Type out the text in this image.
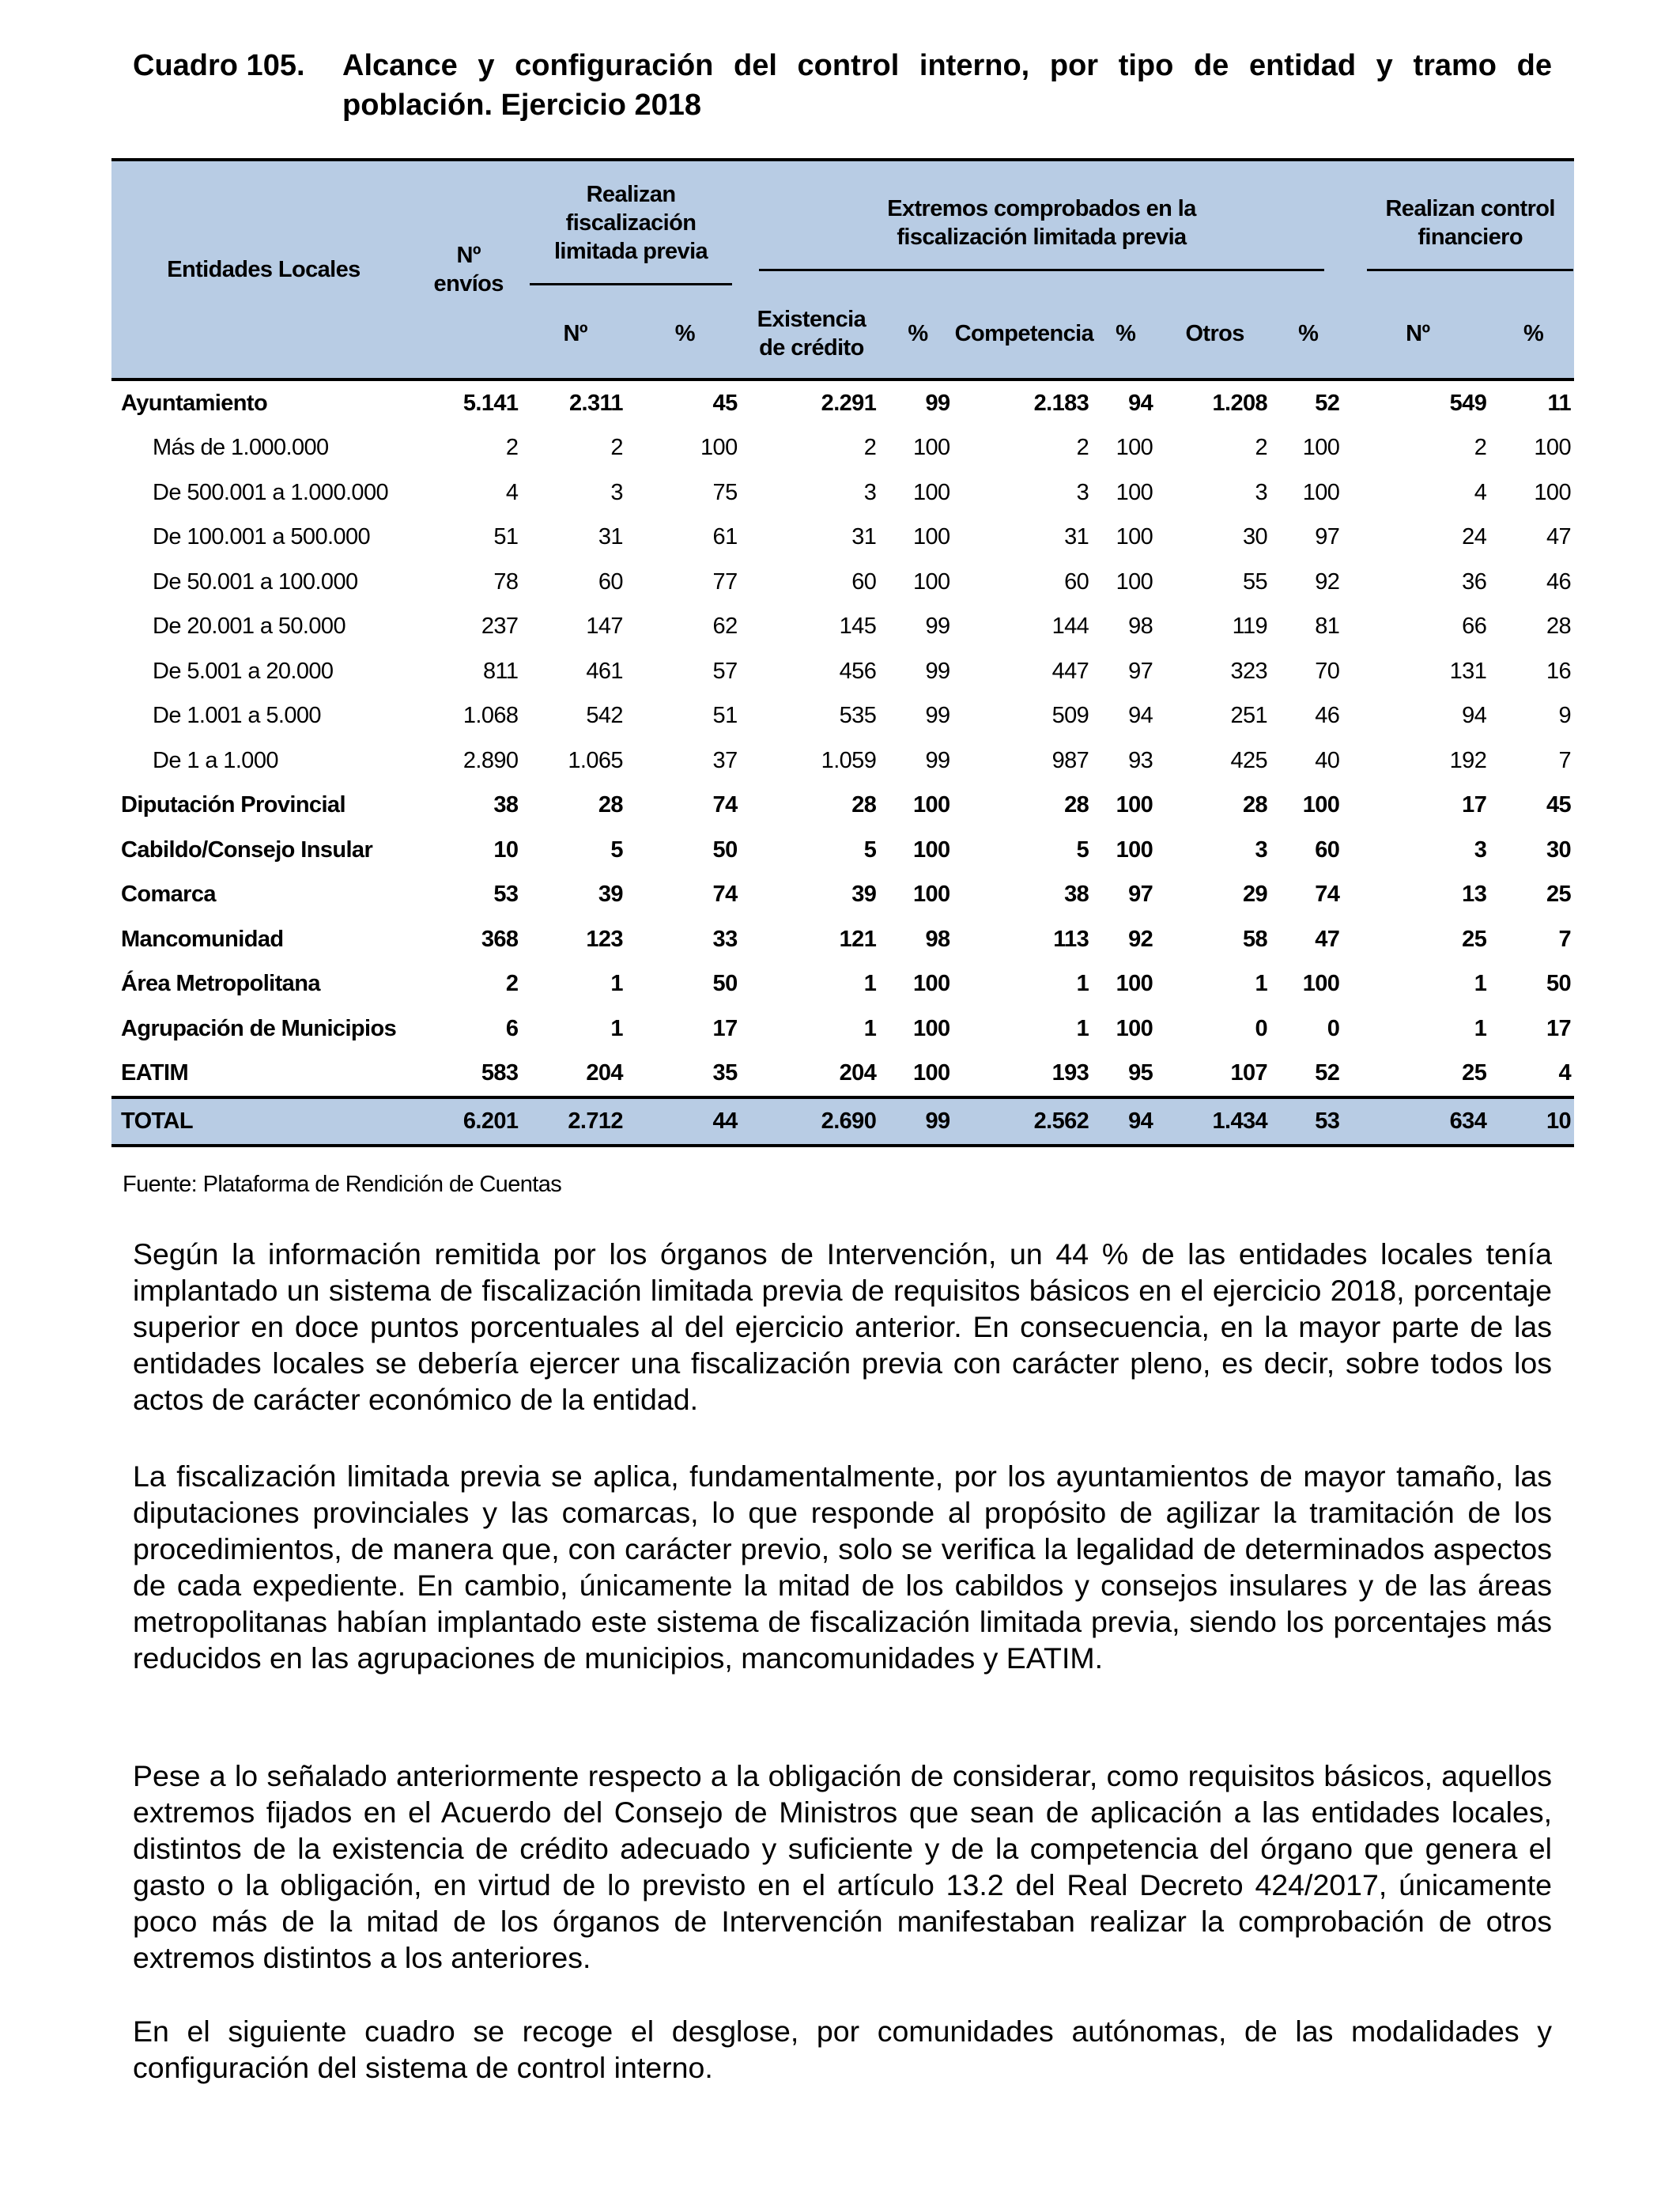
Cuadro 105.	Alcance y configuración del control interno, por tipo de entidad y tramo de población. Ejercicio 2018
Entidades Locales	Nº envíos	Realizan fiscalización limitada previa		Extremos comprobados en la fiscalización limitada previa						Realizan control financiero	

		Nº	%	Existencia de crédito	%	Competencia	%	Otros	%	Nº	%
Ayuntamiento	5.141	2.311	45	2.291	99	2.183	94	1.208	52	549	11
Más de 1.000.000	2	2	100	2	100	2	100	2	100	2	100
De 500.001 a 1.000.000	4	3	75	3	100	3	100	3	100	4	100
De 100.001 a 500.000	51	31	61	31	100	31	100	30	97	24	47
De 50.001 a 100.000	78	60	77	60	100	60	100	55	92	36	46
De 20.001 a 50.000	237	147	62	145	99	144	98	119	81	66	28
De 5.001 a 20.000	811	461	57	456	99	447	97	323	70	131	16
De 1.001 a 5.000	1.068	542	51	535	99	509	94	251	46	94	9
De 1 a 1.000	2.890	1.065	37	1.059	99	987	93	425	40	192	7
Diputación Provincial	38	28	74	28	100	28	100	28	100	17	45
Cabildo/Consejo Insular	10	5	50	5	100	5	100	3	60	3	30
Comarca	53	39	74	39	100	38	97	29	74	13	25
Mancomunidad	368	123	33	121	98	113	92	58	47	25	7
Área Metropolitana	2	1	50	1	100	1	100	1	100	1	50
Agrupación de Municipios	6	1	17	1	100	1	100	0	0	1	17
EATIM	583	204	35	204	100	193	95	107	52	25	4
TOTAL	6.201	2.712	44	2.690	99	2.562	94	1.434	53	634	10
Fuente: Plataforma de Rendición de Cuentas

Según la información remitida por los órganos de Intervención, un 44 % de las entidades locales tenía implantado un sistema de fiscalización limitada previa de requisitos básicos en el ejercicio 2018, porcentaje superior en doce puntos porcentuales al del ejercicio anterior. En consecuencia, en la mayor parte de las entidades locales se debería ejercer una fiscalización previa con carácter pleno, es decir, sobre todos los actos de carácter económico de la entidad.

La fiscalización limitada previa se aplica, fundamentalmente, por los ayuntamientos de mayor tamaño, las diputaciones provinciales y las comarcas, lo que responde al propósito de agilizar la tramitación de los procedimientos, de manera que, con carácter previo, solo se verifica la legalidad de determinados aspectos de cada expediente. En cambio, únicamente la mitad de los cabildos y consejos insulares y de las áreas metropolitanas habían implantado este sistema de fiscalización limitada previa, siendo los porcentajes más reducidos en las agrupaciones de municipios, mancomunidades y EATIM.

Pese a lo señalado anteriormente respecto a la obligación de considerar, como requisitos básicos, aquellos extremos fijados en el Acuerdo del Consejo de Ministros que sean de aplicación a las entidades locales, distintos de la existencia de crédito adecuado y suficiente y de la competencia del órgano que genera el gasto o la obligación, en virtud de lo previsto en el artículo 13.2 del Real Decreto 424/2017, únicamente poco más de la mitad de los órganos de Intervención manifestaban realizar la comprobación de otros extremos distintos a los anteriores.

En el siguiente cuadro se recoge el desglose, por comunidades autónomas, de las modalidades y configuración del sistema de control interno.
